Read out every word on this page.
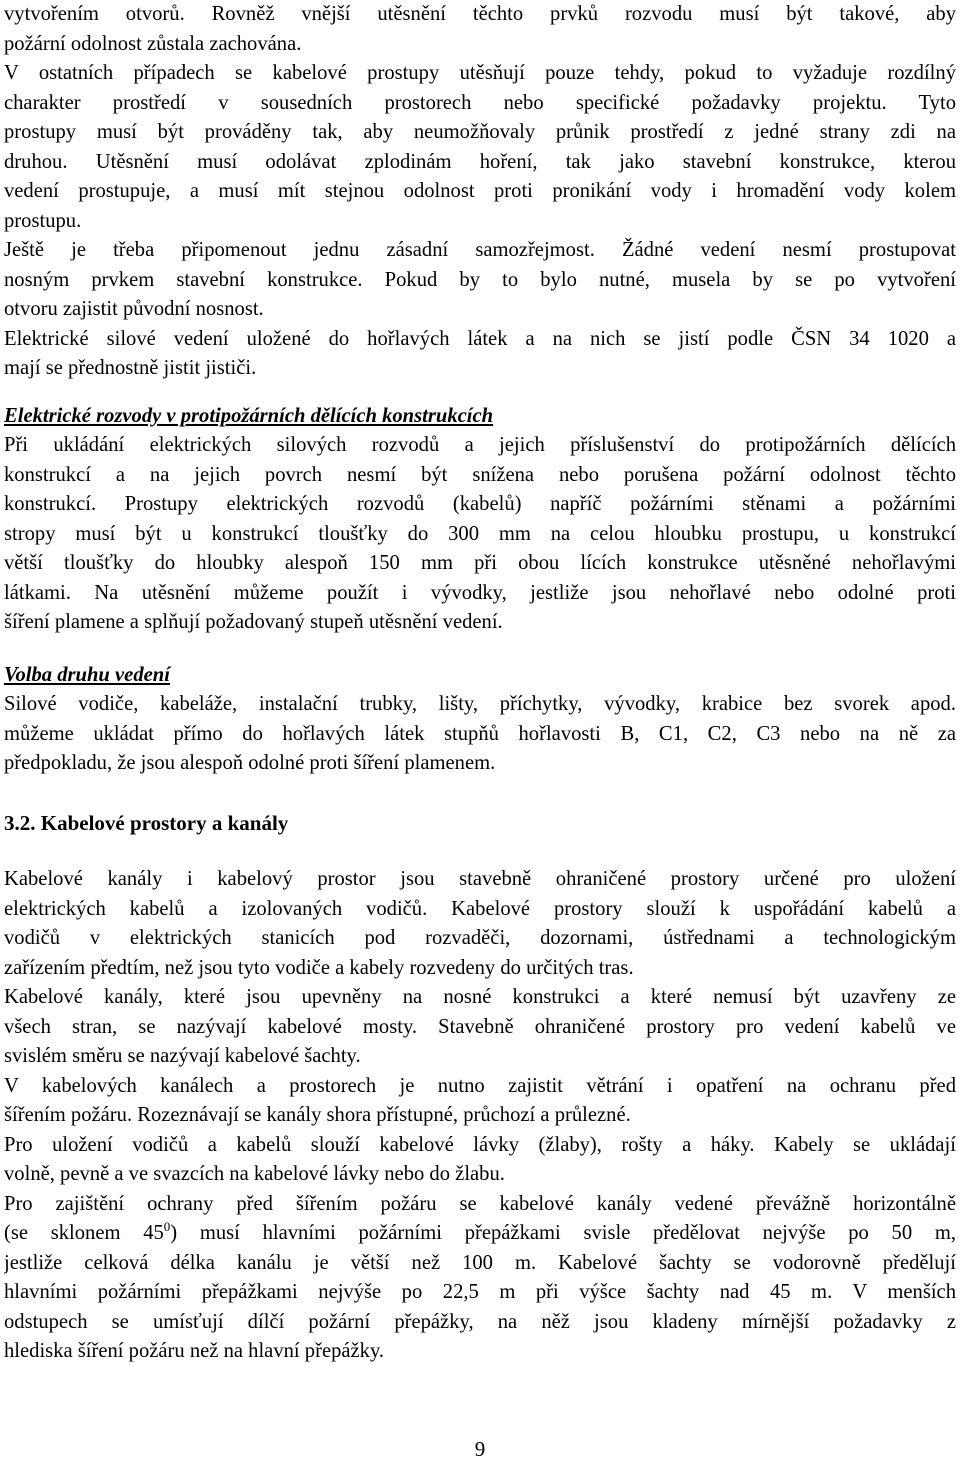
vytvořením otvorů. Rovněž vnější utěsnění těchto prvků rozvodu musí být takové, aby
požární odolnost zůstala zachována.
V ostatních případech se kabelové prostupy utěsňují pouze tehdy, pokud to vyžaduje rozdílný
charakter prostředí v sousedních prostorech nebo specifické požadavky projektu. Tyto
prostupy musí být prováděny tak, aby neumožňovaly průnik prostředí z jedné strany zdi na
druhou. Utěsnění musí odolávat zplodinám hoření, tak jako stavební konstrukce, kterou
vedení prostupuje, a musí mít stejnou odolnost proti pronikání vody i hromadění vody kolem
prostupu.
Ještě je třeba připomenout jednu zásadní samozřejmost. Žádné vedení nesmí prostupovat
nosným prvkem stavební konstrukce. Pokud by to bylo nutné, musela by se po vytvoření
otvoru zajistit původní nosnost.
Elektrické silové vedení uložené do hořlavých látek a na nich se jistí podle ČSN 34 1020 a
mají se přednostně jistit jističi.
Elektrické rozvody v protipožárních dělících konstrukcích
Při ukládání elektrických silových rozvodů a jejich příslušenství do protipožárních dělících
konstrukcí a na jejich povrch nesmí být snížena nebo porušena požární odolnost těchto
konstrukcí. Prostupy elektrických rozvodů (kabelů) napříč požárními stěnami a požárními
stropy musí být u konstrukcí tloušťky do 300 mm na celou hloubku prostupu, u konstrukcí
větší tloušťky do hloubky alespoň 150 mm při obou lících konstrukce utěsněné nehořlavými
látkami. Na utěsnění můžeme použít i vývodky, jestliže jsou nehořlavé nebo odolné proti
šíření plamene a splňují požadovaný stupeň utěsnění vedení.
Volba druhu vedení
Silové vodiče, kabeláže, instalační trubky, lišty, příchytky, vývodky, krabice bez svorek apod.
můžeme ukládat přímo do hořlavých látek stupňů hořlavosti B, C1, C2, C3 nebo na ně za
předpokladu, že jsou alespoň odolné proti šíření plamenem.
3.2. Kabelové prostory a kanály
Kabelové kanály i kabelový prostor jsou stavebně ohraničené prostory určené pro uložení
elektrických kabelů a izolovaných vodičů. Kabelové prostory slouží k uspořádání kabelů a
vodičů v elektrických stanicích pod rozvaděči, dozornami, ústřednami a technologickým
zařízením předtím, než jsou tyto vodiče a kabely rozvedeny do určitých tras.
Kabelové kanály, které jsou upevněny na nosné konstrukci a které nemusí být uzavřeny ze
všech stran, se nazývají kabelové mosty. Stavebně ohraničené prostory pro vedení kabelů ve
svislém směru se nazývají kabelové šachty.
V kabelových kanálech a prostorech je nutno zajistit větrání i opatření na ochranu před
šířením požáru. Rozeznávají se kanály shora přístupné, průchozí a průlezné.
Pro uložení vodičů a kabelů slouží kabelové lávky (žlaby), rošty a háky. Kabely se ukládají
volně, pevně a ve svazcích na kabelové lávky nebo do žlabu.
Pro zajištění ochrany před šířením požáru se kabelové kanály vedené převážně horizontálně
(se sklonem $45^0$) musí hlavními požárními přepážkami svisle předělovat nejvýše po 50 m,
jestliže celková délka kanálu je větší než 100 m. Kabelové šachty se vodorovně předělují
hlavními požárními přepážkami nejvýše po 22,5 m při výšce šachty nad 45 m. V menších
odstupech se umísťují dílčí požární přepážky, na něž jsou kladeny mírnější požadavky z
hlediska šíření požáru než na hlavní přepážky.
9
